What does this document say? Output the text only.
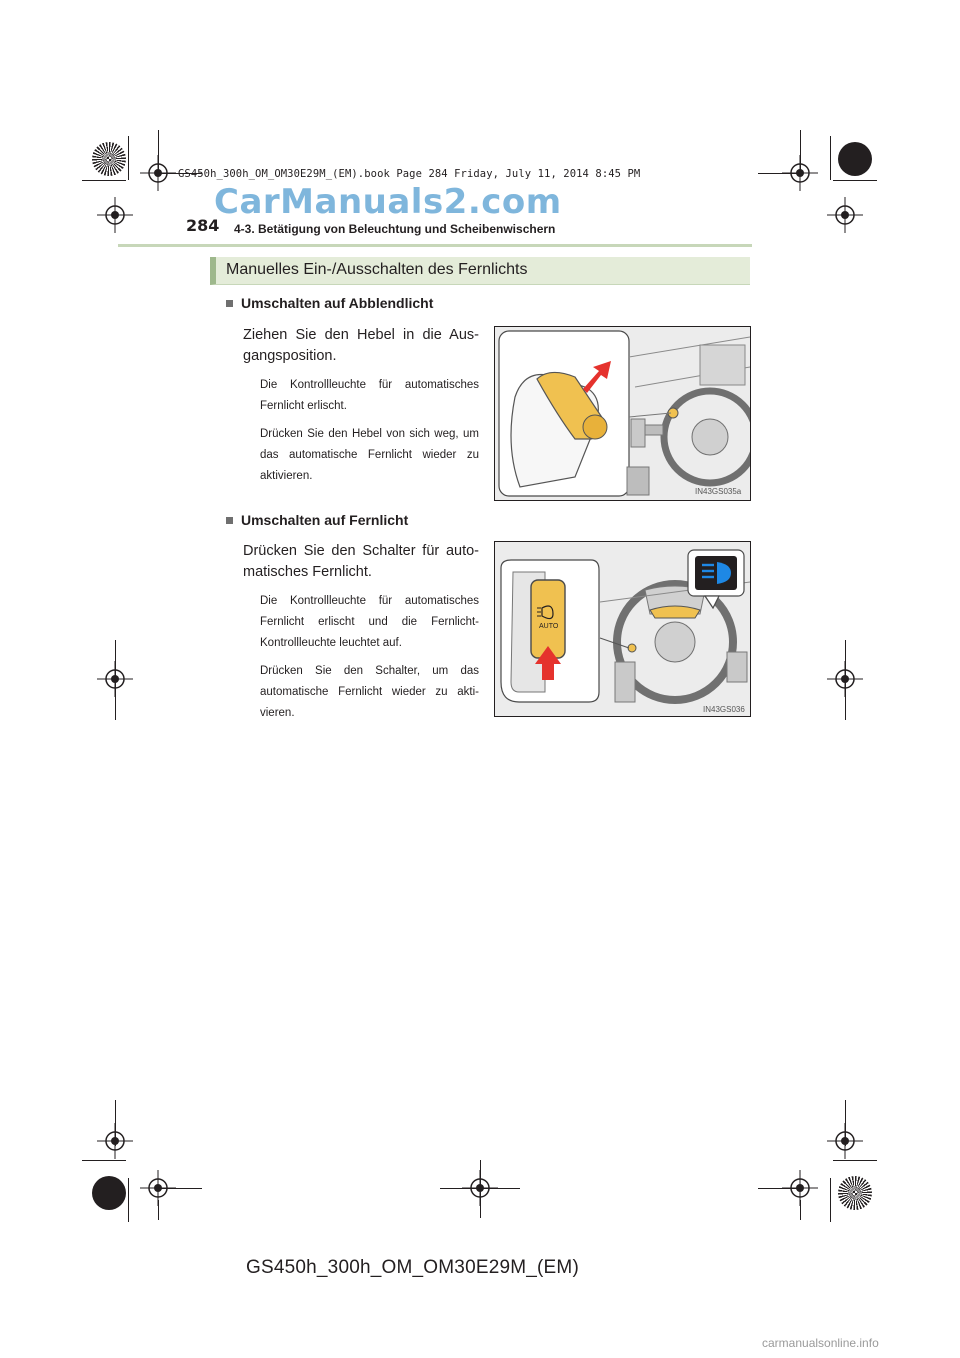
GS450h_300h_OM_OM30E29M_(EM).book Page 284 Friday, July 11, 2014 8:45 PM
CarManuals2.com
284 4-3. Betätigung von Beleuchtung und Scheibenwischern
Manuelles Ein-/Ausschalten des Fernlichts
Umschalten auf Abblendlicht
Ziehen Sie den Hebel in die Aus-gangsposition.
Die Kontrollleuchte für automatisches Fernlicht erlischt.
Drücken Sie den Hebel von sich weg, um das automatische Fernlicht wieder zu aktivieren.
IN43GS035a
Umschalten auf Fernlicht
Drücken Sie den Schalter für auto-matisches Fernlicht.
Die Kontrollleuchte für automatisches Fernlicht erlischt und die Fernlicht-Kontrollleuchte leuchtet auf.
Drücken Sie den Schalter, um das automatische Fernlicht wieder zu akti-vieren.
AUTO
IN43GS036
GS450h_300h_OM_OM30E29M_(EM)
carmanualsonline.info
